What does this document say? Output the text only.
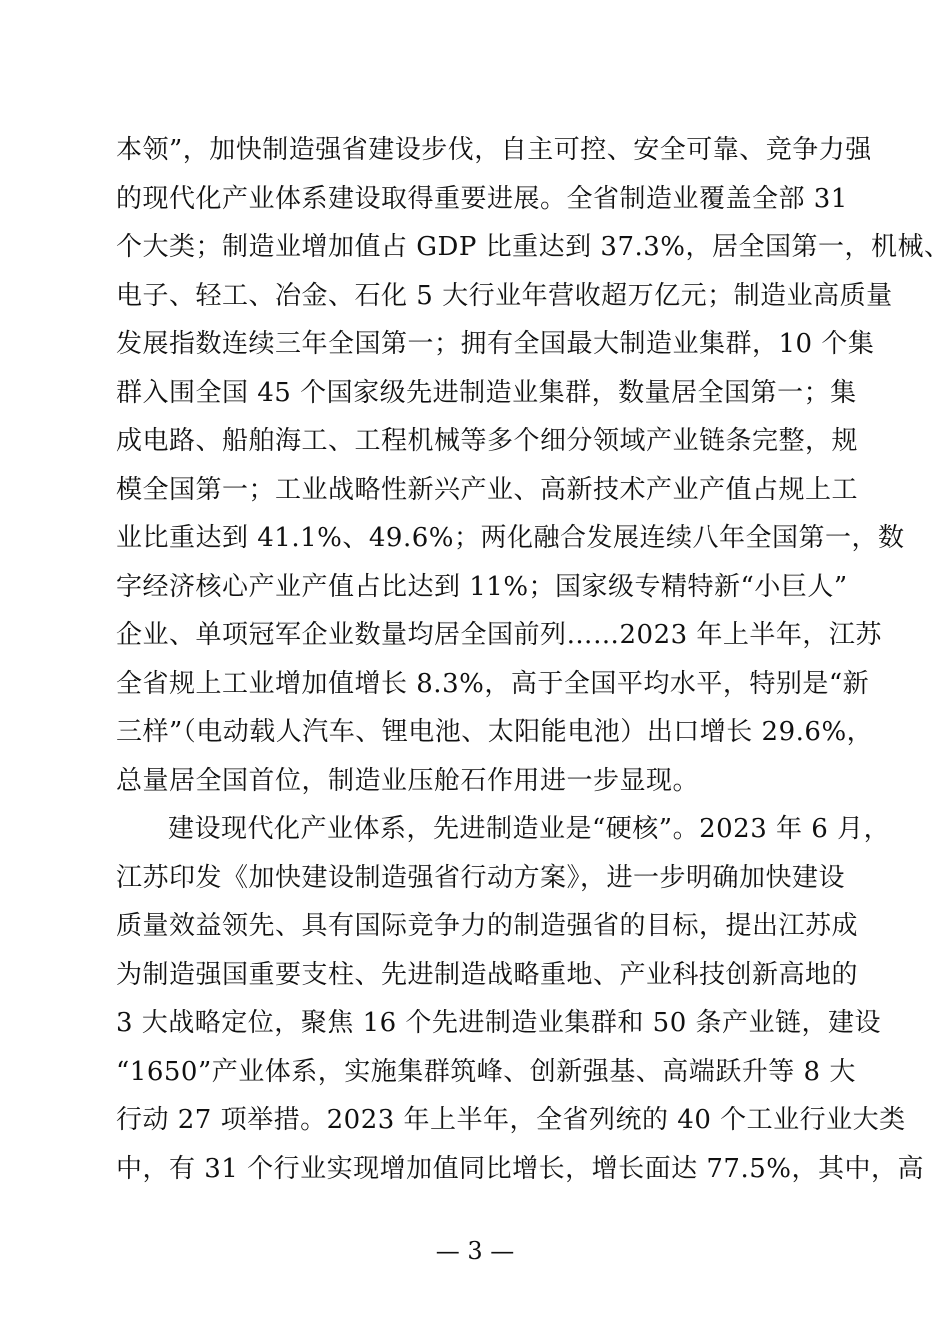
本领”，加快制造强省建设步伐，自主可控、安全可靠、竞争力强
的现代化产业体系建设取得重要进展。全省制造业覆盖全部 31
个大类；制造业增加值占 GDP 比重达到 37.3%，居全国第一，机械、
电子、轻工、冶金、石化 5 大行业年营收超万亿元；制造业高质量
发展指数连续三年全国第一；拥有全国最大制造业集群，10 个集
群入围全国 45 个国家级先进制造业集群，数量居全国第一；集
成电路、船舶海工、工程机械等多个细分领域产业链条完整，规
模全国第一；工业战略性新兴产业、高新技术产业产值占规上工
业比重达到 41.1%、49.6%；两化融合发展连续八年全国第一，数
字经济核心产业产值占比达到 11%；国家级专精特新“小巨人”
企业、单项冠军企业数量均居全国前列……2023 年上半年，江苏
全省规上工业增加值增长 8.3%，高于全国平均水平，特别是“新
三样”（电动载人汽车、锂电池、太阳能电池）出口增长 29.6%，
总量居全国首位，制造业压舱石作用进一步显现。
建设现代化产业体系，先进制造业是“硬核”。2023 年 6 月，
江苏印发《加快建设制造强省行动方案》，进一步明确加快建设
质量效益领先、具有国际竞争力的制造强省的目标，提出江苏成
为制造强国重要支柱、先进制造战略重地、产业科技创新高地的
3 大战略定位，聚焦 16 个先进制造业集群和 50 条产业链，建设
“1650”产业体系，实施集群筑峰、创新强基、高端跃升等 8 大
行动 27 项举措。2023 年上半年，全省列统的 40 个工业行业大类
中，有 31 个行业实现增加值同比增长，增长面达 77.5%，其中，高
— 3 —
